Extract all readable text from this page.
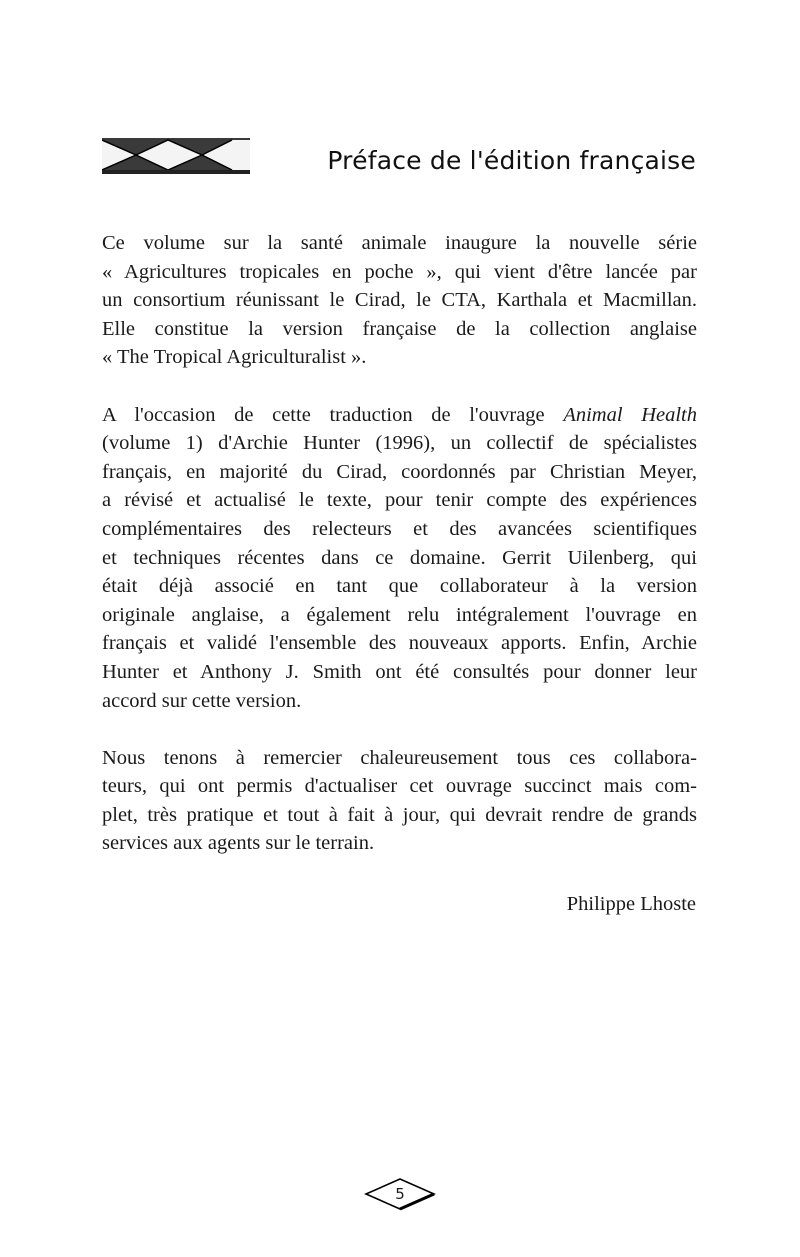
Préface de l'édition française
Ce volume sur la santé animale inaugure la nouvelle série
« Agricultures tropicales en poche », qui vient d'être lancée par
un consortium réunissant le Cirad, le CTA, Karthala et Macmillan.
Elle constitue la version française de la collection anglaise
« The Tropical Agriculturalist ».
A l'occasion de cette traduction de l'ouvrage Animal Health
(volume 1) d'Archie Hunter (1996), un collectif de spécialistes
français, en majorité du Cirad, coordonnés par Christian Meyer,
a révisé et actualisé le texte, pour tenir compte des expériences
complémentaires des relecteurs et des avancées scientifiques
et techniques récentes dans ce domaine. Gerrit Uilenberg, qui
était déjà associé en tant que collaborateur à la version
originale anglaise, a également relu intégralement l'ouvrage en
français et validé l'ensemble des nouveaux apports. Enfin, Archie
Hunter et Anthony J. Smith ont été consultés pour donner leur
accord sur cette version.
Nous tenons à remercier chaleureusement tous ces collabora-
teurs, qui ont permis d'actualiser cet ouvrage succinct mais com-
plet, très pratique et tout à fait à jour, qui devrait rendre de grands
services aux agents sur le terrain.
Philippe Lhoste
5
